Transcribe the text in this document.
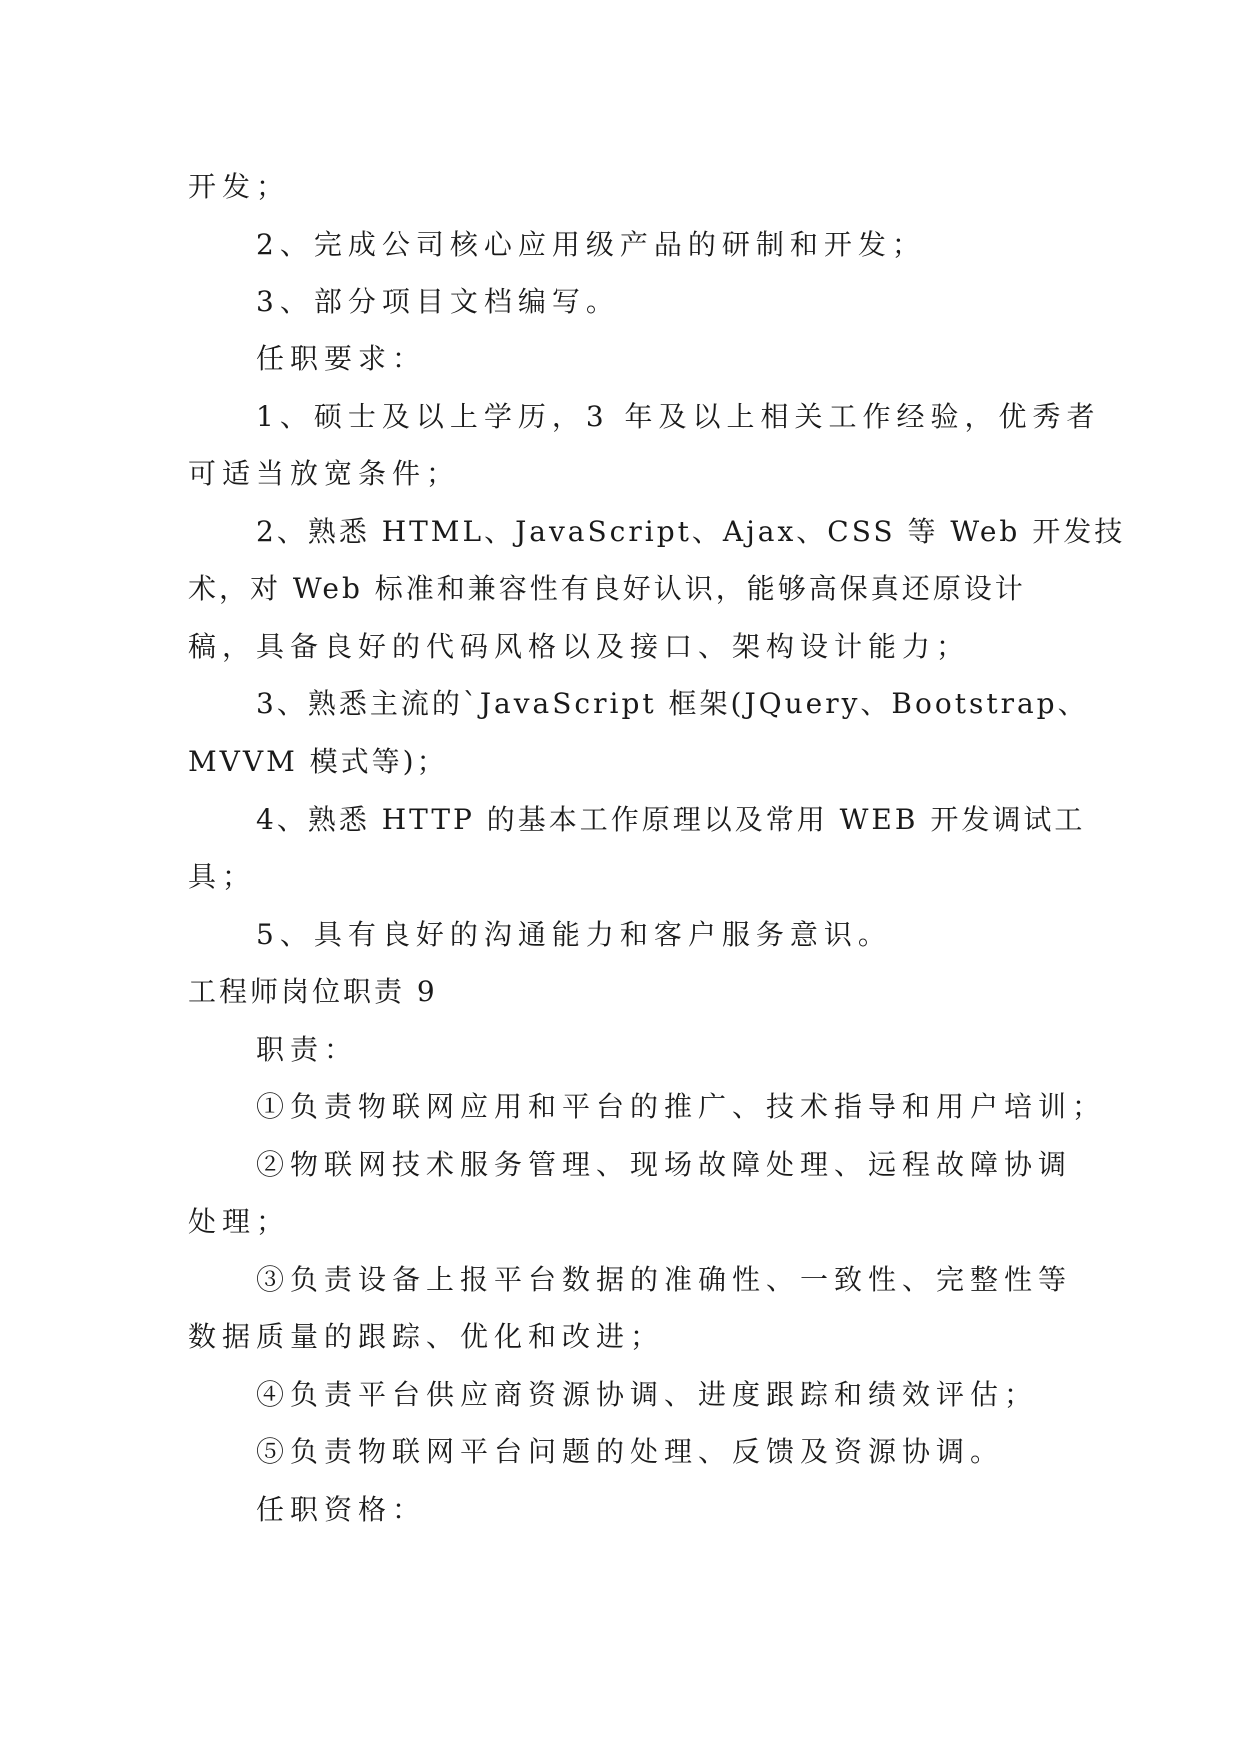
开发；
2、完成公司核心应用级产品的研制和开发；
3、部分项目文档编写。
任职要求：
1、硕士及以上学历，3 年及以上相关工作经验，优秀者
可适当放宽条件；
2、熟悉 HTML、JavaScript、Ajax、CSS 等 Web 开发技
术，对 Web 标准和兼容性有良好认识，能够高保真还原设计
稿，具备良好的代码风格以及接口、架构设计能力；
3、熟悉主流的`JavaScript 框架(JQuery、Bootstrap、
MVVM 模式等)；
4、熟悉 HTTP 的基本工作原理以及常用 WEB 开发调试工
具；
5、具有良好的沟通能力和客户服务意识。
工程师岗位职责 9
职责：
①负责物联网应用和平台的推广、技术指导和用户培训；
②物联网技术服务管理、现场故障处理、远程故障协调
处理；
③负责设备上报平台数据的准确性、一致性、完整性等
数据质量的跟踪、优化和改进；
④负责平台供应商资源协调、进度跟踪和绩效评估；
⑤负责物联网平台问题的处理、反馈及资源协调。
任职资格：
